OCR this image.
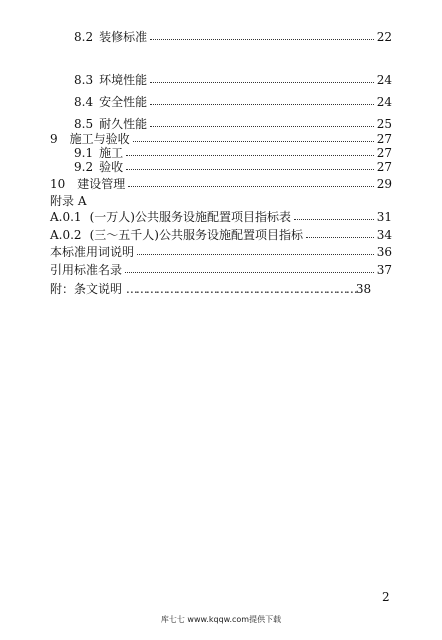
8.2 装修标准	22
8.3 环境性能	24
8.4 安全性能	24
8.5 耐久性能	25
9 施工与验收	27
9.1 施工	27
9.2 验收	27
10 建设管理	29
附录 A
A.0.1 (一万人)公共服务设施配置项目指标表	31
A.0.2 (三～五千人)公共服务设施配置项目指标	34
本标准用词说明	36
引用标准名录	37
附：条文说明 ……………………………………………………………38
2
库七七 www.kqqw.com提供下载
